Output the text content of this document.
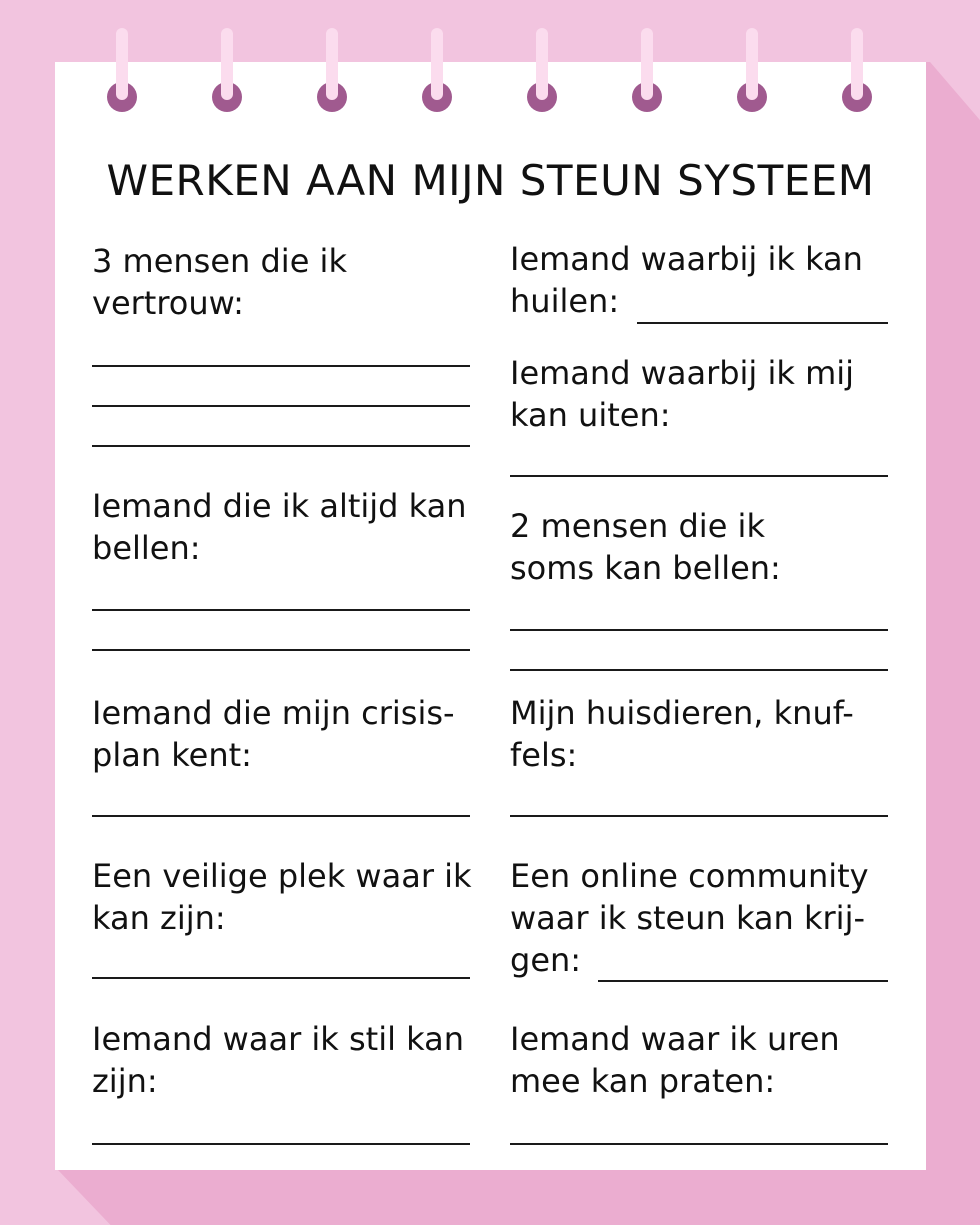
WERKEN AAN MIJN STEUN SYSTEEM
3 mensen die ik
vertrouw:
Iemand die ik altijd kan
bellen:
Iemand die mijn crisis-
plan kent:
Een veilige plek waar ik
kan zijn:
Iemand waar ik stil kan
zijn:
Iemand waarbij ik kan
huilen:
Iemand waarbij ik mij
kan uiten:
2 mensen die ik
soms kan bellen:
Mijn huisdieren, knuf-
fels:
Een online community
waar ik steun kan krij-
gen:
Iemand waar ik uren
mee kan praten:
